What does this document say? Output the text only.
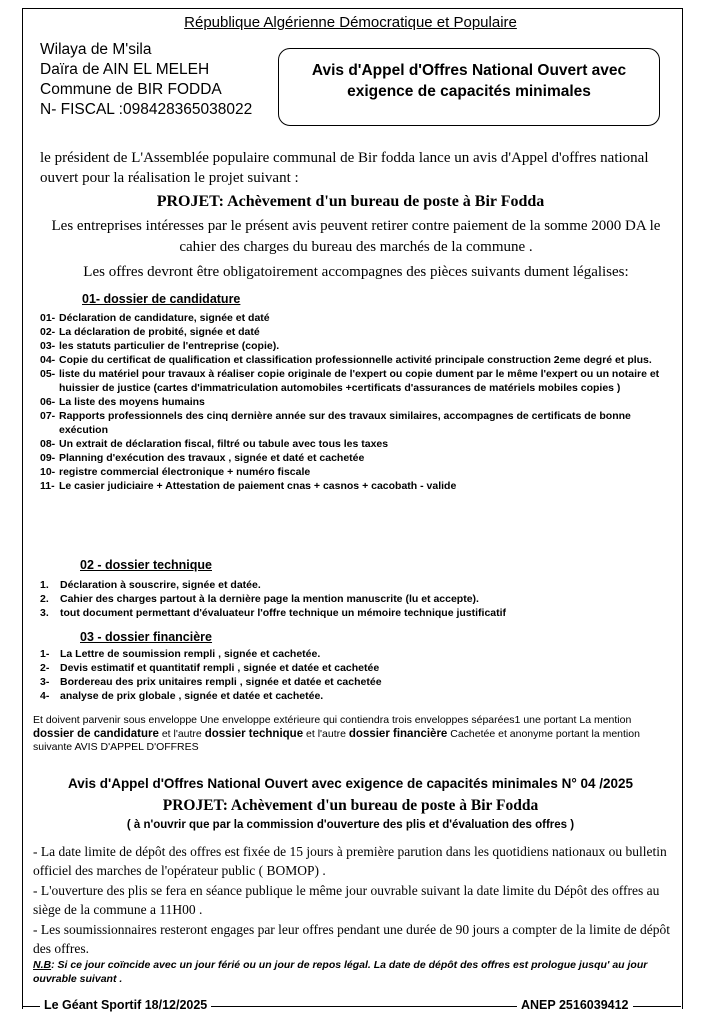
République Algérienne Démocratique et Populaire
Wilaya de M'sila
Daïra de AIN EL MELEH
Commune de BIR FODDA
N- FISCAL :098428365038022
Avis d'Appel d'Offres National Ouvert avec
exigence de capacités minimales
le président de L'Assemblée populaire communal de Bir fodda lance un avis d'Appel d'offres national ouvert pour la réalisation le projet suivant :
PROJET: Achèvement d'un bureau de poste à Bir Fodda
Les entreprises intéresses par le présent avis peuvent retirer contre paiement de la somme 2000 DA le cahier des charges du bureau des marchés de la commune .
Les offres devront être obligatoirement accompagnes des pièces suivants dument légalises:
01- dossier de candidature
01- Déclaration de candidature, signée et daté
02- La déclaration de probité, signée et daté
03- les statuts particulier de l'entreprise (copie).
04- Copie du certificat de qualification et classification professionnelle activité principale construction 2eme degré et plus.
05- liste du matériel pour travaux à réaliser copie originale de l'expert ou copie dument par le même l'expert ou un notaire et huissier de justice (cartes d'immatriculation automobiles +certificats d'assurances de matériels mobiles copies )
06- La liste des moyens humains
07- Rapports professionnels des cinq dernière année sur des travaux similaires, accompagnes de certificats de bonne exécution
08- Un extrait de déclaration fiscal, filtré ou tabule avec tous les taxes
09- Planning d'exécution des travaux , signée et daté et cachetée
10- registre commercial électronique + numéro fiscale
11- Le casier judiciaire + Attestation de paiement cnas + casnos + cacobath - valide
02 - dossier technique
1.	Déclaration à souscrire, signée et datée.
2.	Cahier des charges partout à la dernière page la mention manuscrite (lu et accepte).
3.	tout document permettant d'évaluateur l'offre technique un mémoire technique justificatif
03 - dossier financière
1-	La Lettre de soumission rempli , signée et cachetée.
2-	Devis estimatif et quantitatif rempli , signée et datée et cachetée
3-	Bordereau des prix unitaires rempli , signée et datée et cachetée
4-	analyse de prix globale , signée et datée et cachetée.
Et doivent parvenir sous enveloppe Une enveloppe extérieure qui contiendra trois enveloppes séparées1 une portant La mention dossier de candidature et l'autre dossier technique et l'autre dossier financière Cachetée et anonyme portant la mention suivante AVIS D'APPEL D'OFFRES
Avis d'Appel d'Offres National Ouvert avec exigence de capacités minimales N° 04 /2025
PROJET: Achèvement d'un bureau de poste à Bir Fodda
( à n'ouvrir que par la commission d'ouverture des plis et d'évaluation des offres )
- La date limite de dépôt des offres est fixée de 15 jours à première parution dans les quotidiens nationaux ou bulletin officiel des marches de l'opérateur public ( BOMOP) .
- L'ouverture des plis se fera en séance publique le même jour ouvrable suivant la date limite du Dépôt des offres au siège de la commune a 11H00 .
- Les soumissionnaires resteront engages par leur offres pendant une durée de 90 jours a compter de la limite de dépôt des offres.
N.B: Si ce jour coïncide avec un jour férié ou un jour de repos légal. La date de dépôt des offres est prologue jusqu' au jour ouvrable suivant .
Le Géant Sportif 18/12/2025	ANEP 2516039412
